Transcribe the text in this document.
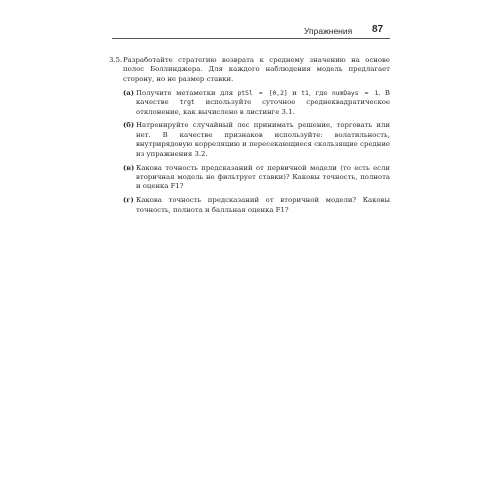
Упражнения 87
3.5. Разработайте стратегию возврата к среднему значению на основе полос Боллинджера. Для каждого наблюдения модель предлагает сторону, но не размер ставки.
(а) Получите метаметки для ptSl = [0,2] и t1, где numDays = 1. В качестве trgt используйте суточное среднеквадратическое отклонение, как вычислено в листинге 3.1.
(б) Натренируйте случайный лес принимать решение, торговать или нет. В качестве признаков используйте: волатильность, внутрирядовую корреляцию и пересекающиеся скользящие средние из упражнения 3.2.
(в) Какова точность предсказаний от первичной модели (то есть если вторичная модель не фильтрует ставки)? Каковы точность, полнота и оценка F1?
(г) Какова точность предсказаний от вторичной модели? Каковы точность, полнота и балльная оценка F1?
